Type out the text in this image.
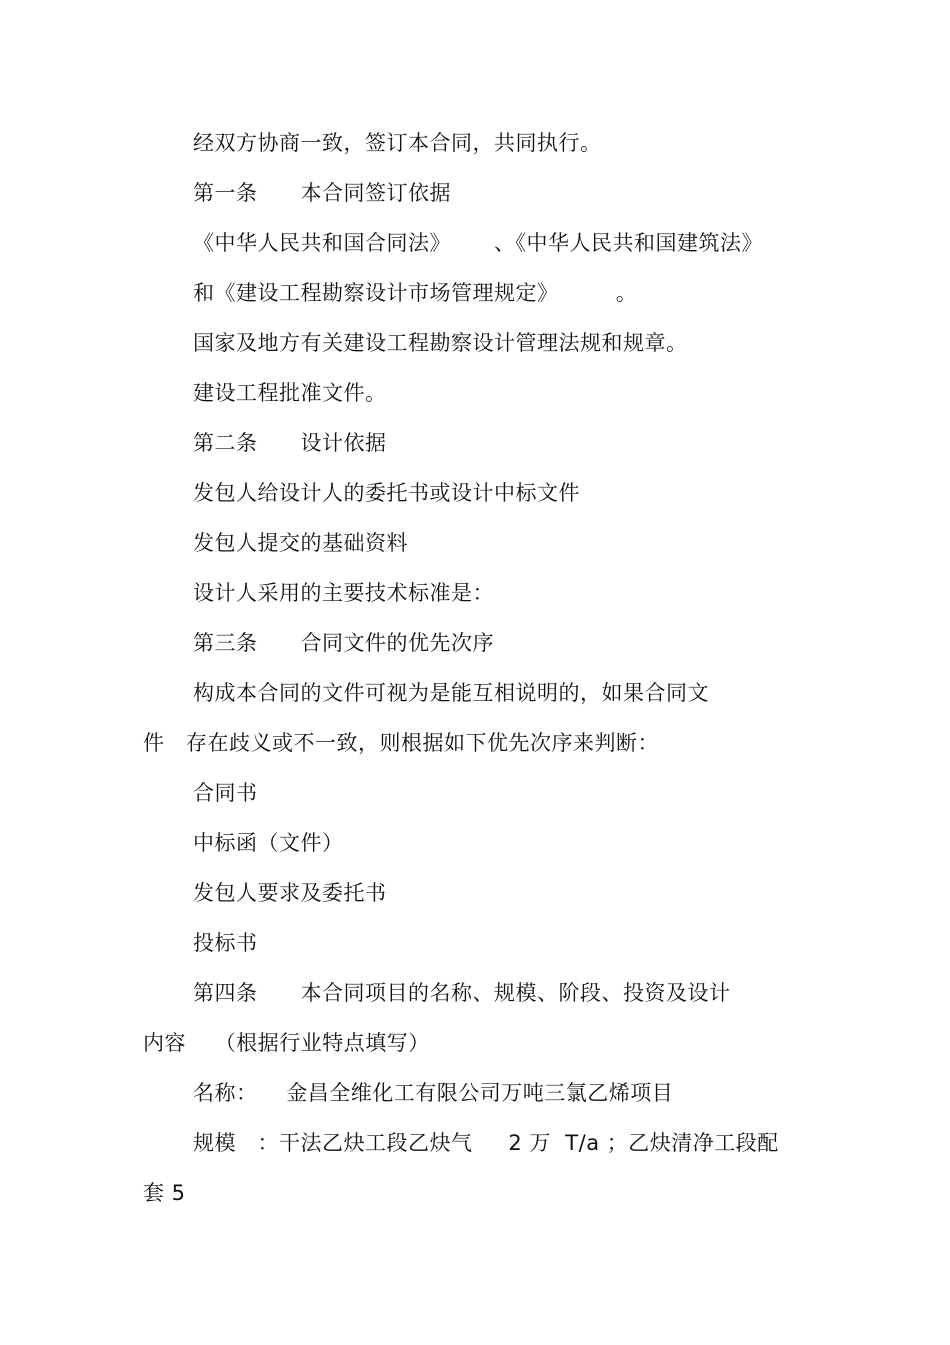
经双方协商一致，签订本合同，共同执行。
第一条      本合同签订依据
《中华人民共和国合同法》      、《中华人民共和国建筑法》
和《建设工程勘察设计市场管理规定》        。
国家及地方有关建设工程勘察设计管理法规和规章。
建设工程批准文件。
第二条      设计依据
发包人给设计人的委托书或设计中标文件
发包人提交的基础资料
设计人采用的主要技术标准是：
第三条      合同文件的优先次序
构成本合同的文件可视为是能互相说明的，如果合同文
件   存在歧义或不一致，则根据如下优先次序来判断：
合同书
中标函（文件）
发包人要求及委托书
投标书
第四条      本合同项目的名称、规模、阶段、投资及设计
内容    （根据行业特点填写）
名称：    金昌全维化工有限公司万吨三氯乙烯项目
规模   ：干法乙炔工段乙炔气     2 万  T/a ；乙炔清净工段配
套 5
